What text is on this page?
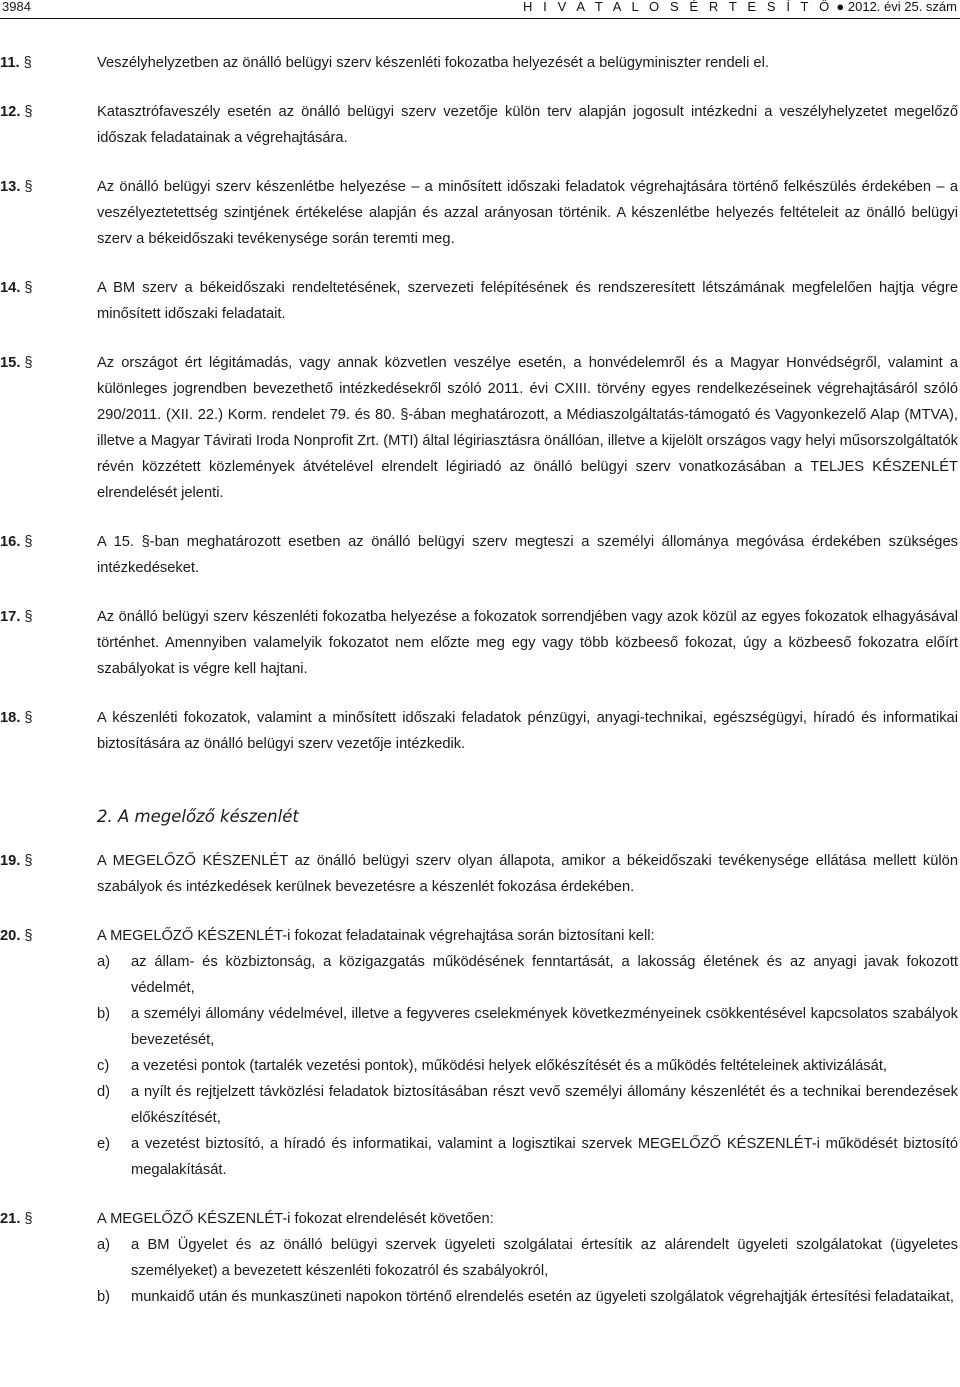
3984	H I V A T A L O S É R T E S Í T Ő ● 2012. évi 25. szám
11. §	Veszélyhelyzetben az önálló belügyi szerv készenléti fokozatba helyezését a belügyminiszter rendeli el.
12. §	Katasztrófaveszély esetén az önálló belügyi szerv vezetője külön terv alapján jogosult intézkedni a veszélyhelyzetet megelőző időszak feladatainak a végrehajtására.
13. §	Az önálló belügyi szerv készenlétbe helyezése – a minősített időszaki feladatok végrehajtására történő felkészülés érdekében – a veszélyeztetettség szintjének értékelése alapján és azzal arányosan történik. A készenlétbe helyezés feltételeit az önálló belügyi szerv a békeidőszaki tevékenysége során teremti meg.
14. §	A BM szerv a békeidőszaki rendeltetésének, szervezeti felépítésének és rendszeresített létszámának megfelelően hajtja végre minősített időszaki feladatait.
15. §	Az országot ért légitámadás, vagy annak közvetlen veszélye esetén, a honvédelemről és a Magyar Honvédségről, valamint a különleges jogrendben bevezethető intézkedésekről szóló 2011. évi CXIII. törvény egyes rendelkezéseinek végrehajtásáról szóló 290/2011. (XII. 22.) Korm. rendelet 79. és 80. §-ában meghatározott, a Médiaszolgáltatás-támogató és Vagyonkezelő Alap (MTVA), illetve a Magyar Távirati Iroda Nonprofit Zrt. (MTI) által légiriasztásra önállóan, illetve a kijelölt országos vagy helyi műsorszolgáltatók révén közzétett közlemények átvételével elrendelt légiriadó az önálló belügyi szerv vonatkozásában a TELJES KÉSZENLÉT elrendelését jelenti.
16. §	A 15. §-ban meghatározott esetben az önálló belügyi szerv megteszi a személyi állománya megóvása érdekében szükséges intézkedéseket.
17. §	Az önálló belügyi szerv készenléti fokozatba helyezése a fokozatok sorrendjében vagy azok közül az egyes fokozatok elhagyásával történhet. Amennyiben valamelyik fokozatot nem előzte meg egy vagy több közbeeső fokozat, úgy a közbeeső fokozatra előírt szabályokat is végre kell hajtani.
18. §	A készenléti fokozatok, valamint a minősített időszaki feladatok pénzügyi, anyagi-technikai, egészségügyi, híradó és informatikai biztosítására az önálló belügyi szerv vezetője intézkedik.
2. A megelőző készenlét
19. §	A MEGELŐZŐ KÉSZENLÉT az önálló belügyi szerv olyan állapota, amikor a békeidőszaki tevékenysége ellátása mellett külön szabályok és intézkedések kerülnek bevezetésre a készenlét fokozása érdekében.
20. §	A MEGELŐZŐ KÉSZENLÉT-i fokozat feladatainak végrehajtása során biztosítani kell:
a) az állam- és közbiztonság, a közigazgatás működésének fenntartását, a lakosság életének és az anyagi javak fokozott védelmét,
b) a személyi állomány védelmével, illetve a fegyveres cselekmények következményeinek csökkentésével kapcsolatos szabályok bevezetését,
c) a vezetési pontok (tartalék vezetési pontok), működési helyek előkészítését és a működés feltételeinek aktivizálását,
d) a nyílt és rejtjelzett távközlési feladatok biztosításában részt vevő személyi állomány készenlétét és a technikai berendezések előkészítését,
e) a vezetést biztosító, a híradó és informatikai, valamint a logisztikai szervek MEGELŐZŐ KÉSZENLÉT-i működését biztosító megalakítását.
21. §	A MEGELŐZŐ KÉSZENLÉT-i fokozat elrendelését követően:
a) a BM Ügyelet és az önálló belügyi szervek ügyeleti szolgálatai értesítik az alárendelt ügyeleti szolgálatokat (ügyeletes személyeket) a bevezetett készenléti fokozatról és szabályokról,
b) munkaidő után és munkaszüneti napokon történő elrendelés esetén az ügyeleti szolgálatok végrehajtják értesítési feladataikat,
